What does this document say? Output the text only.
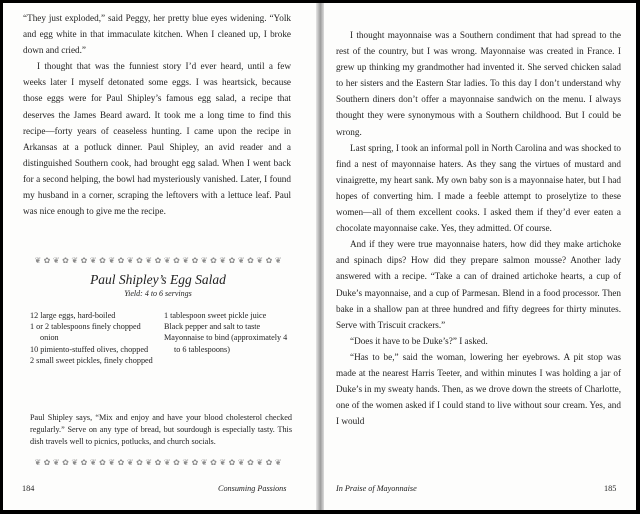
“They just exploded,” said Peggy, her pretty blue eyes widening. “Yolk and egg white in that immaculate kitchen. When I cleaned up, I broke down and cried.”

I thought that was the funniest story I’d ever heard, until a few weeks later I myself detonated some eggs. I was heartsick, because those eggs were for Paul Shipley’s famous egg salad, a recipe that deserves the James Beard award. It took me a long time to find this recipe—forty years of ceaseless hunting. I came upon the recipe in Arkansas at a potluck dinner. Paul Shipley, an avid reader and a distinguished Southern cook, had brought egg salad. When I went back for a second helping, the bowl had mysteriously vanished. Later, I found my husband in a corner, scraping the leftovers with a lettuce leaf. Paul was nice enough to give me the recipe.

❦ ✿ ❦ ✿ ❦ ✿ ❦ ✿ ❦ ✿ ❦ ✿ ❦ ✿ ❦ ✿ ❦ ✿ ❦ ✿ ❦ ✿ ❦ ✿ ❦ ✿ ❦
Paul Shipley’s Egg Salad
Yield: 4 to 6 servings
12 large eggs, hard-boiled
1 or 2 tablespoons finely chopped onion
10 pimiento-stuffed olives, chopped
2 small sweet pickles, finely chopped
1 tablespoon sweet pickle juice
Black pepper and salt to taste
Mayonnaise to bind (approximately 4 to 6 tablespoons)

Paul Shipley says, “Mix and enjoy and have your blood cholesterol checked regularly.” Serve on any type of bread, but sourdough is especially tasty. This dish travels well to picnics, potlucks, and church socials.

❦ ✿ ❦ ✿ ❦ ✿ ❦ ✿ ❦ ✿ ❦ ✿ ❦ ✿ ❦ ✿ ❦ ✿ ❦ ✿ ❦ ✿ ❦ ✿ ❦ ✿ ❦
184	Consuming Passions

I thought mayonnaise was a Southern condiment that had spread to the rest of the country, but I was wrong. Mayonnaise was created in France. I grew up thinking my grandmother had invented it. She served chicken salad to her sisters and the Eastern Star ladies. To this day I don’t understand why Southern diners don’t offer a mayonnaise sandwich on the menu. I always thought they were synonymous with a Southern childhood. But I could be wrong.

Last spring, I took an informal poll in North Carolina and was shocked to find a nest of mayonnaise haters. As they sang the virtues of mustard and vinaigrette, my heart sank. My own baby son is a mayonnaise hater, but I had hopes of converting him. I made a feeble attempt to proselytize to these women—all of them excellent cooks. I asked them if they’d ever eaten a chocolate mayonnaise cake. Yes, they admitted. Of course.

And if they were true mayonnaise haters, how did they make artichoke and spinach dips? How did they prepare salmon mousse? Another lady answered with a recipe. “Take a can of drained artichoke hearts, a cup of Duke’s mayonnaise, and a cup of Parmesan. Blend in a food processor. Then bake in a shallow pan at three hundred and fifty degrees for thirty minutes. Serve with Triscuit crackers.”

“Does it have to be Duke’s?” I asked.

“Has to be,” said the woman, lowering her eyebrows. A pit stop was made at the nearest Harris Teeter, and within minutes I was holding a jar of Duke’s in my sweaty hands. Then, as we drove down the streets of Charlotte, one of the women asked if I could stand to live without sour cream. Yes, and I would

In Praise of Mayonnaise	185
